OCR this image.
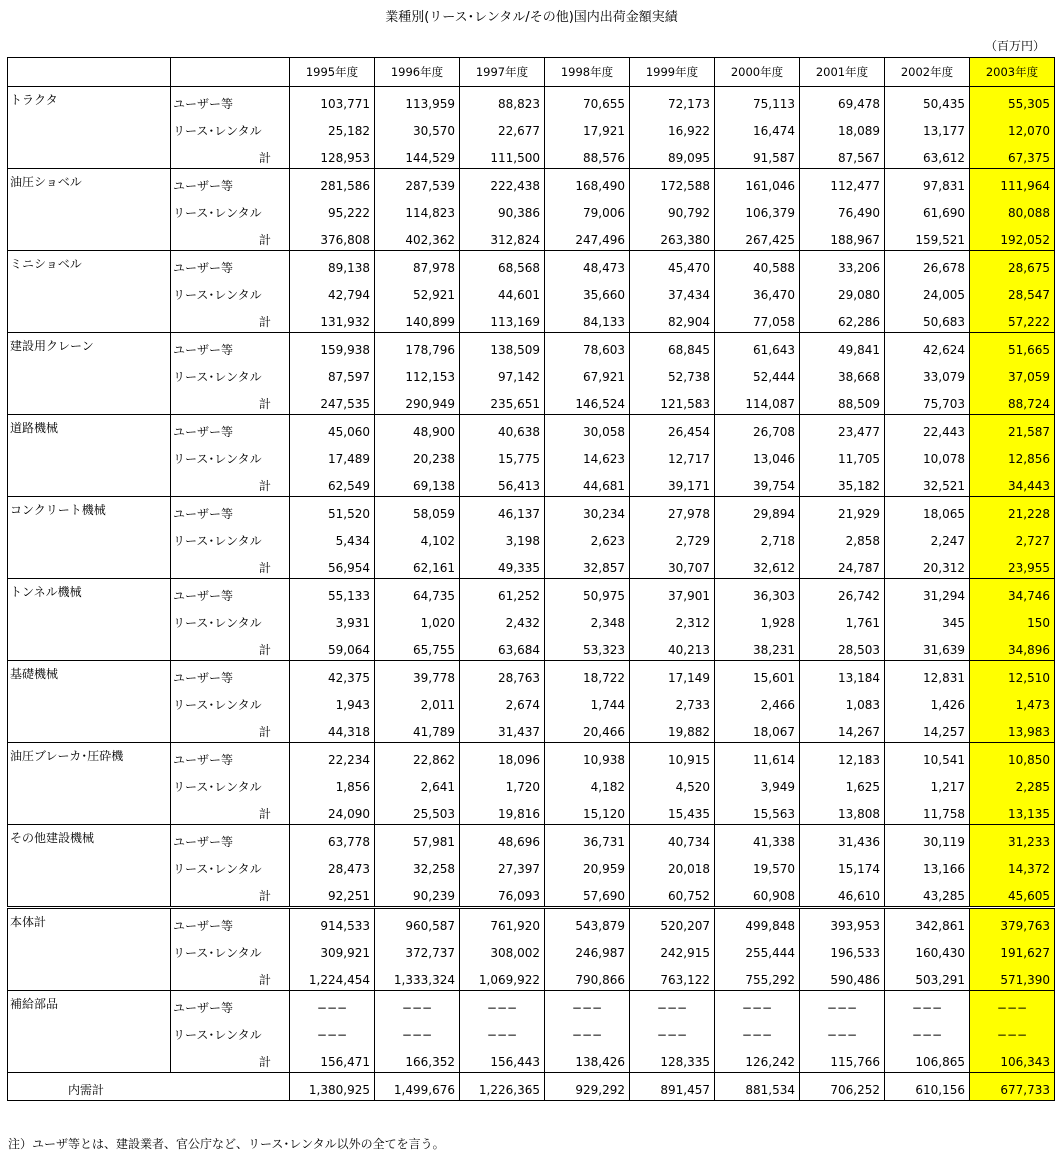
業種別(リース･レンタル/その他)国内出荷金額実績
（百万円）
		1995年度	1996年度	1997年度	1998年度	1999年度	2000年度	2001年度	2002年度	2003年度
トラクタ	ユーザー等	103,771	113,959	88,823	70,655	72,173	75,113	69,478	50,435	55,305
	リース･レンタル	25,182	30,570	22,677	17,921	16,922	16,474	18,089	13,177	12,070
	計	128,953	144,529	111,500	88,576	89,095	91,587	87,567	63,612	67,375
油圧ショベル	ユーザー等	281,586	287,539	222,438	168,490	172,588	161,046	112,477	97,831	111,964
	リース･レンタル	95,222	114,823	90,386	79,006	90,792	106,379	76,490	61,690	80,088
	計	376,808	402,362	312,824	247,496	263,380	267,425	188,967	159,521	192,052
ミニショベル	ユーザー等	89,138	87,978	68,568	48,473	45,470	40,588	33,206	26,678	28,675
	リース･レンタル	42,794	52,921	44,601	35,660	37,434	36,470	29,080	24,005	28,547
	計	131,932	140,899	113,169	84,133	82,904	77,058	62,286	50,683	57,222
建設用クレーン	ユーザー等	159,938	178,796	138,509	78,603	68,845	61,643	49,841	42,624	51,665
	リース･レンタル	87,597	112,153	97,142	67,921	52,738	52,444	38,668	33,079	37,059
	計	247,535	290,949	235,651	146,524	121,583	114,087	88,509	75,703	88,724
道路機械	ユーザー等	45,060	48,900	40,638	30,058	26,454	26,708	23,477	22,443	21,587
	リース･レンタル	17,489	20,238	15,775	14,623	12,717	13,046	11,705	10,078	12,856
	計	62,549	69,138	56,413	44,681	39,171	39,754	35,182	32,521	34,443
コンクリート機械	ユーザー等	51,520	58,059	46,137	30,234	27,978	29,894	21,929	18,065	21,228
	リース･レンタル	5,434	4,102	3,198	2,623	2,729	2,718	2,858	2,247	2,727
	計	56,954	62,161	49,335	32,857	30,707	32,612	24,787	20,312	23,955
トンネル機械	ユーザー等	55,133	64,735	61,252	50,975	37,901	36,303	26,742	31,294	34,746
	リース･レンタル	3,931	1,020	2,432	2,348	2,312	1,928	1,761	345	150
	計	59,064	65,755	63,684	53,323	40,213	38,231	28,503	31,639	34,896
基礎機械	ユーザー等	42,375	39,778	28,763	18,722	17,149	15,601	13,184	12,831	12,510
	リース･レンタル	1,943	2,011	2,674	1,744	2,733	2,466	1,083	1,426	1,473
	計	44,318	41,789	31,437	20,466	19,882	18,067	14,267	14,257	13,983
油圧ブレーカ･圧砕機	ユーザー等	22,234	22,862	18,096	10,938	10,915	11,614	12,183	10,541	10,850
	リース･レンタル	1,856	2,641	1,720	4,182	4,520	3,949	1,625	1,217	2,285
	計	24,090	25,503	19,816	15,120	15,435	15,563	13,808	11,758	13,135
その他建設機械	ユーザー等	63,778	57,981	48,696	36,731	40,734	41,338	31,436	30,119	31,233
	リース･レンタル	28,473	32,258	27,397	20,959	20,018	19,570	15,174	13,166	14,372
	計	92,251	90,239	76,093	57,690	60,752	60,908	46,610	43,285	45,605
本体計	ユーザー等	914,533	960,587	761,920	543,879	520,207	499,848	393,953	342,861	379,763
	リース･レンタル	309,921	372,737	308,002	246,987	242,915	255,444	196,533	160,430	191,627
	計	1,224,454	1,333,324	1,069,922	790,866	763,122	755,292	590,486	503,291	571,390
補給部品	ユーザー等	−−−	−−−	−−−	−−−	−−−	−−−	−−−	−−−	−−−
	リース･レンタル	−−−	−−−	−−−	−−−	−−−	−−−	−−−	−−−	−−−
	計	156,471	166,352	156,443	138,426	128,335	126,242	115,766	106,865	106,343
内需計		1,380,925	1,499,676	1,226,365	929,292	891,457	881,534	706,252	610,156	677,733
注）ユーザ等とは、建設業者、官公庁など、リース･レンタル以外の全てを言う。
